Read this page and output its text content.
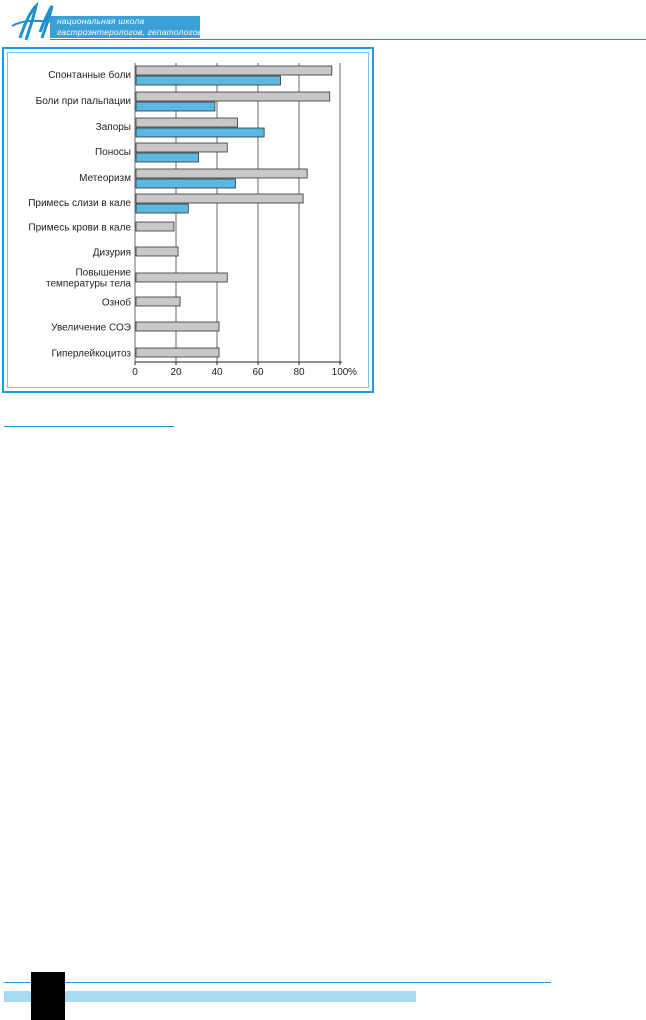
национальная школа
гастроэнтерологов, гепатологов
0	20	40	60	80	100 %
Спонтанные боли
Боли при пальпации
Запоры
Поносы
Метеоризм
Примесь слизи в кале
Примесь крови в кале
Дизурия
Повышение
температуры тела
Озноб
Увеличение СОЭ
Гиперлейкоцитоз
